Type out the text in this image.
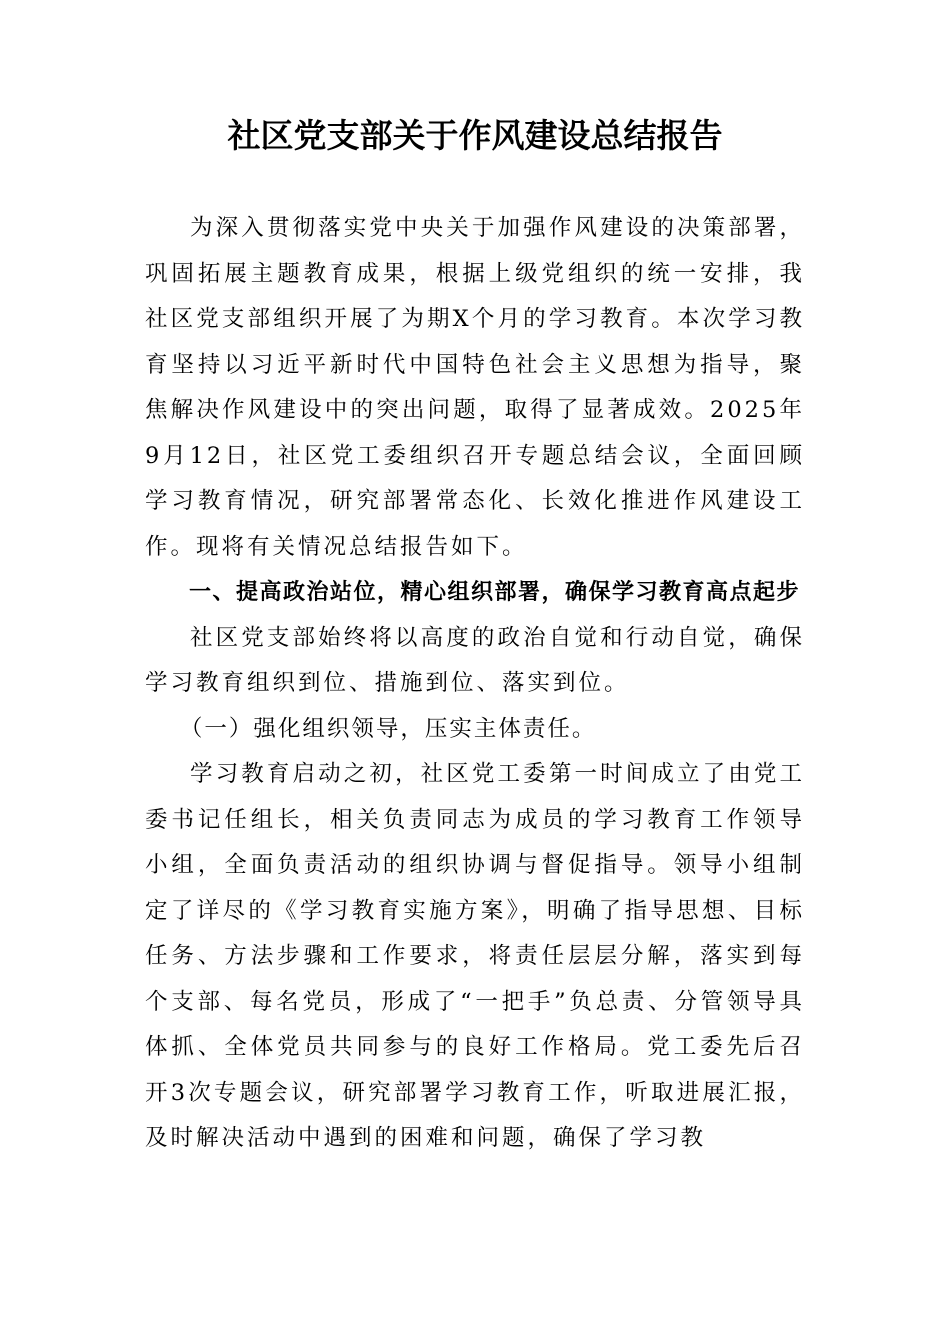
社区党支部关于作风建设总结报告

为深入贯彻落实党中央关于加强作风建设的决策部署，巩固拓展主题教育成果，根据上级党组织的统一安排，我社区党支部组织开展了为期X个月的学习教育。本次学习教育坚持以习近平新时代中国特色社会主义思想为指导，聚焦解决作风建设中的突出问题，取得了显著成效。2025年9月12日，社区党工委组织召开专题总结会议，全面回顾学习教育情况，研究部署常态化、长效化推进作风建设工作。现将有关情况总结报告如下。

一、提高政治站位，精心组织部署，确保学习教育高点起步

社区党支部始终将以高度的政治自觉和行动自觉，确保学习教育组织到位、措施到位、落实到位。

（一）强化组织领导，压实主体责任。

学习教育启动之初，社区党工委第一时间成立了由党工委书记任组长，相关负责同志为成员的学习教育工作领导小组，全面负责活动的组织协调与督促指导。领导小组制定了详尽的《学习教育实施方案》，明确了指导思想、目标任务、方法步骤和工作要求，将责任层层分解，落实到每个支部、每名党员，形成了“一把手”负总责、分管领导具体抓、全体党员共同参与的良好工作格局。党工委先后召开3次专题会议，研究部署学习教育工作，听取进展汇报，及时解决活动中遇到的困难和问题，确保了学习教
